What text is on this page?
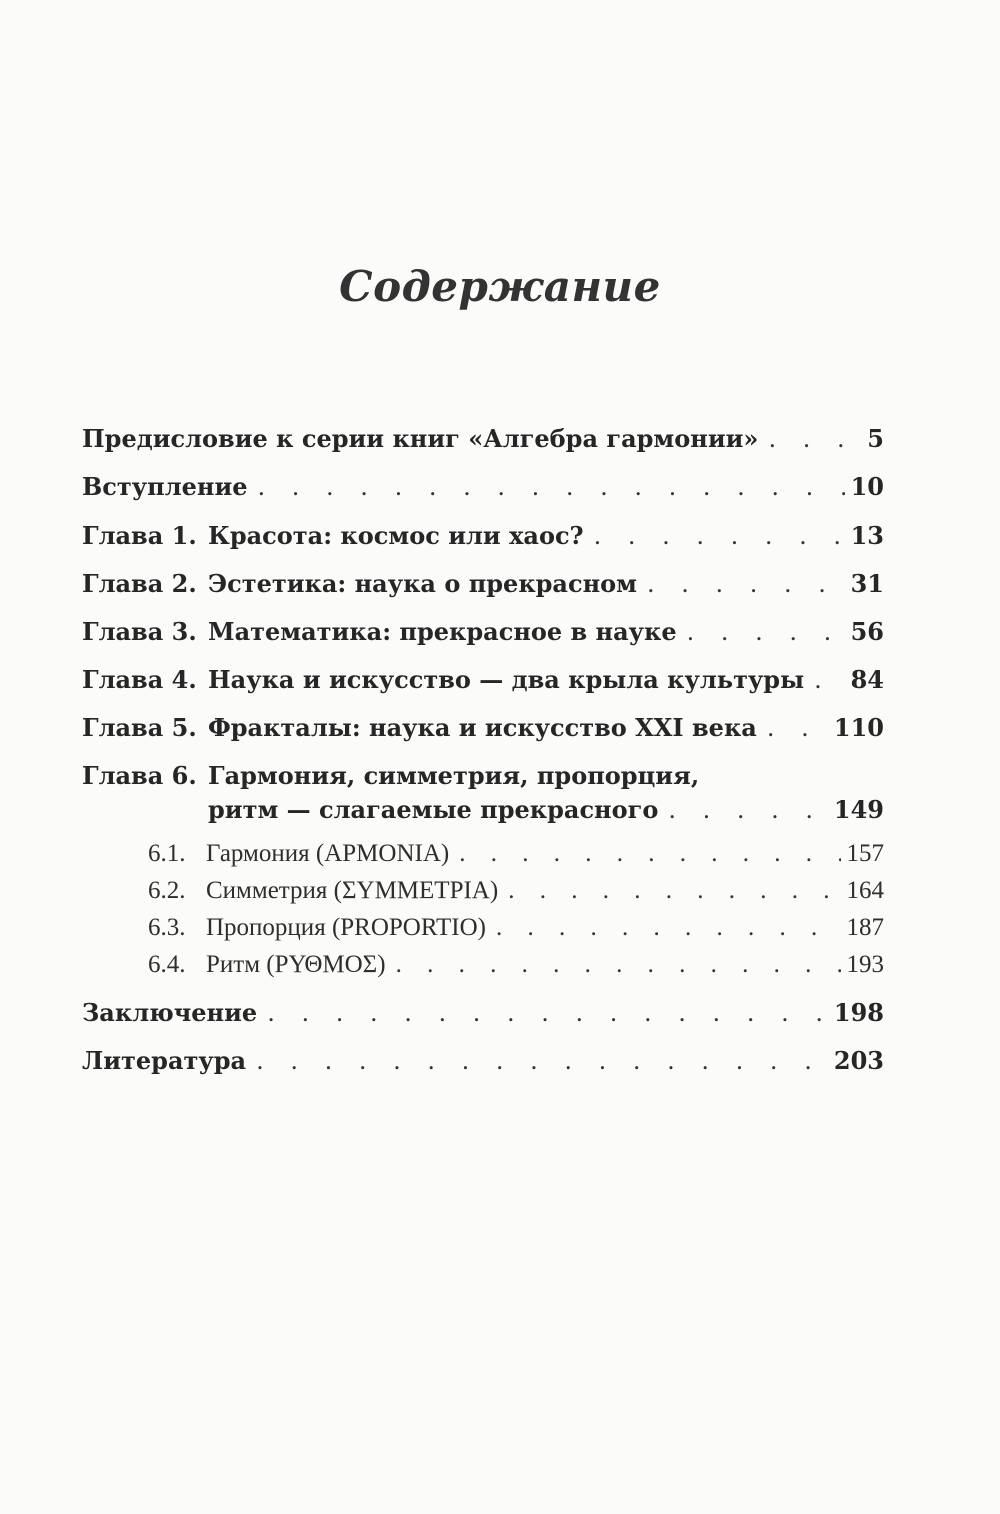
Содержание
Предисловие к серии книг «Алгебра гармонии» . . .	5
Вступление . . .	10
Глава 1. Красота: космос или хаос? . . .	13
Глава 2. Эстетика: наука о прекрасном . . .	31
Глава 3. Математика: прекрасное в науке . . .	56
Глава 4. Наука и искусство — два крыла культуры . . . 84
Глава 5. Фракталы: наука и искусство XXI века . . .	110
Глава 6. Гармония, симметрия, пропорция,
ритм — слагаемые прекрасного . . .	149
6.1. Гармония (АРМОNIA) . . .	157
6.2. Симметрия (ΣΥΜΜΕΤΡΙΑ) . . .	164
6.3. Пропорция (PROPORTIO) . . .	187
6.4. Ритм (ΡΥΘΜΟΣ) . . .	193
Заключение . . .	198
Литература . . .	203
